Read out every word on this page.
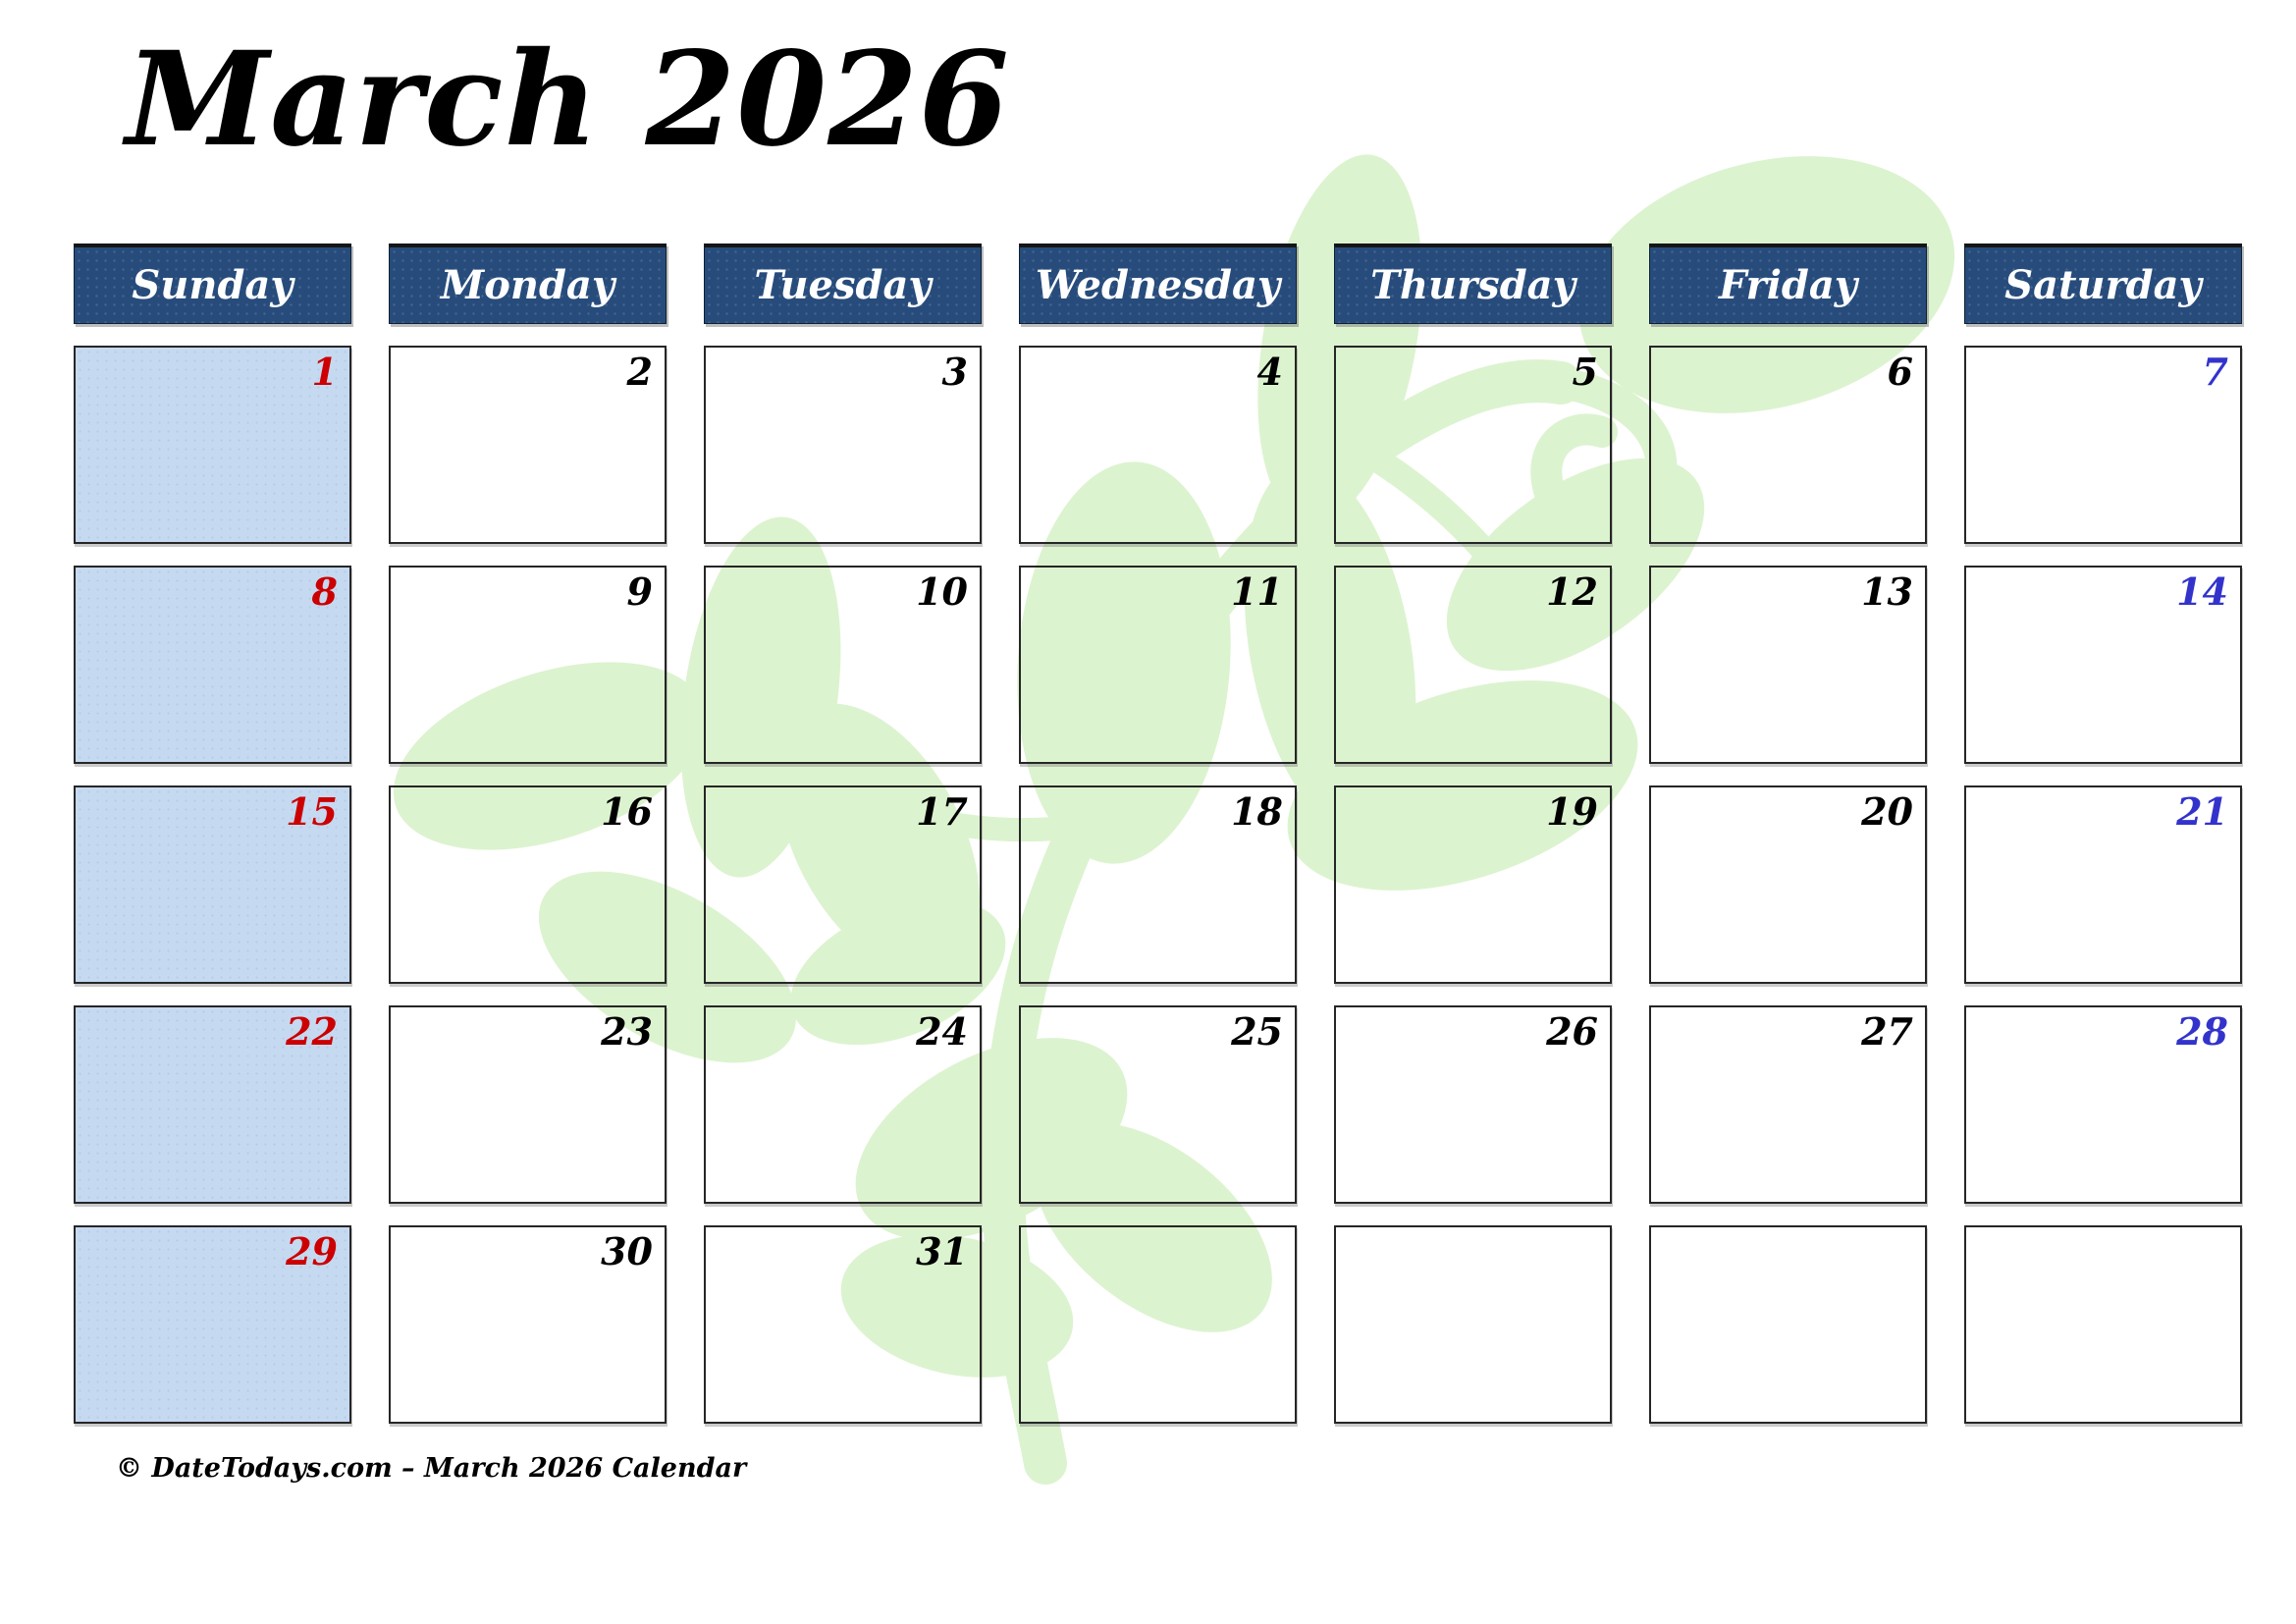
March 2026
Sunday	Monday	Tuesday	Wednesday	Thursday	Friday	Saturday
1	2	3	4	5	6	7
8	9	10	11	12	13	14
15	16	17	18	19	20	21
22	23	24	25	26	27	28
29	30	31
© DateTodays.com – March 2026 Calendar
